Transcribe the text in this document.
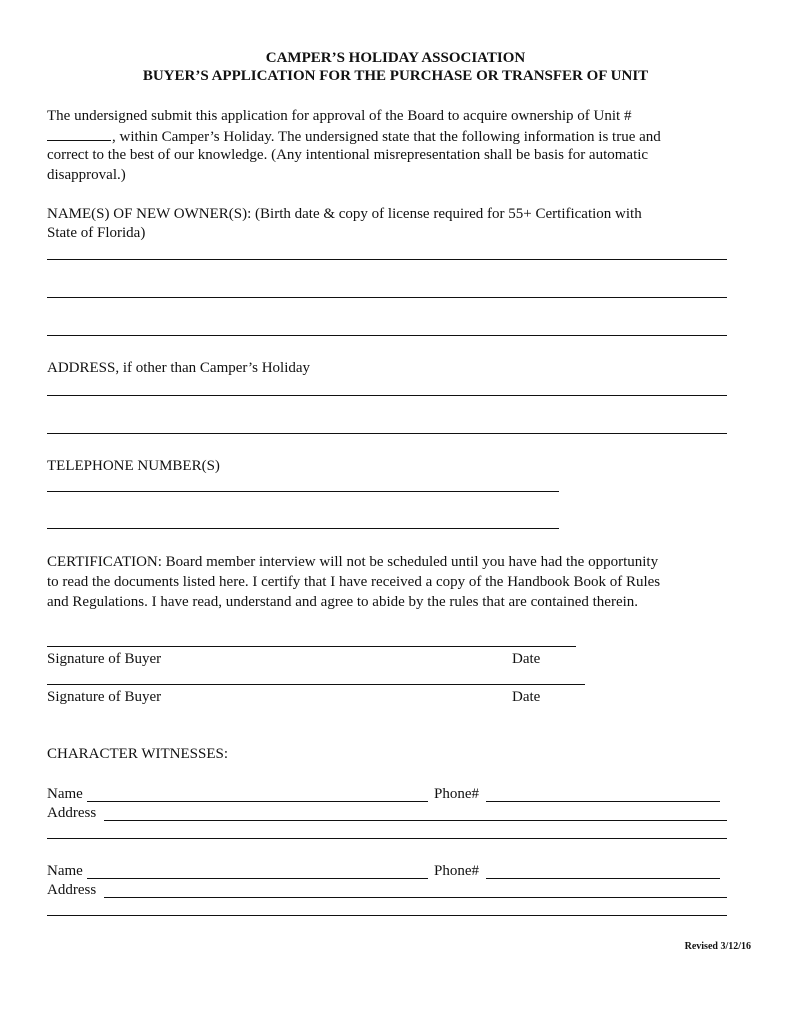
CAMPER’S HOLIDAY ASSOCIATION
BUYER’S APPLICATION FOR THE PURCHASE OR TRANSFER OF UNIT
The undersigned submit this application for approval of the Board to acquire ownership of Unit #
, within Camper’s Holiday. The undersigned state that the following information is true and
correct to the best of our knowledge. (Any intentional misrepresentation shall be basis for automatic
disapproval.)
NAME(S) OF NEW OWNER(S): (Birth date & copy of license required for 55+ Certification with
State of Florida)
ADDRESS, if other than Camper’s Holiday
TELEPHONE NUMBER(S)
CERTIFICATION: Board member interview will not be scheduled until you have had the opportunity
to read the documents listed here. I certify that I have received a copy of the Handbook Book of Rules
and Regulations. I have read, understand and agree to abide by the rules that are contained therein.
Signature of Buyer	Date
Signature of Buyer	Date
CHARACTER WITNESSES:
Name	Phone#
Address
Name	Phone#
Address
Revised 3/12/16
